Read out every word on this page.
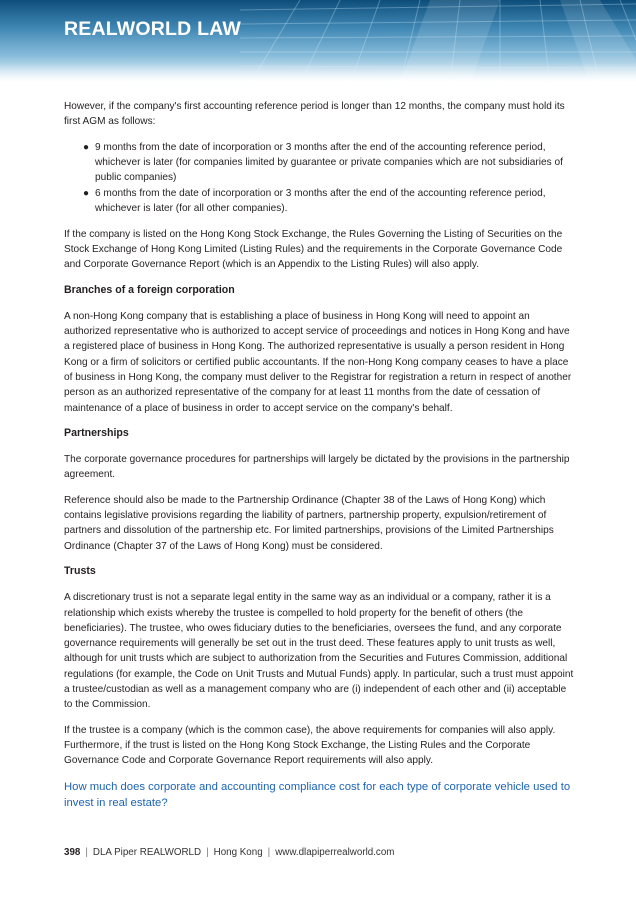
REALWORLD LAW

However, if the company's first accounting reference period is longer than 12 months, the company must hold its first AGM as follows:

● 9 months from the date of incorporation or 3 months after the end of the accounting reference period, whichever is later (for companies limited by guarantee or private companies which are not subsidiaries of public companies)
● 6 months from the date of incorporation or 3 months after the end of the accounting reference period, whichever is later (for all other companies).

If the company is listed on the Hong Kong Stock Exchange, the Rules Governing the Listing of Securities on the Stock Exchange of Hong Kong Limited (Listing Rules) and the requirements in the Corporate Governance Code and Corporate Governance Report (which is an Appendix to the Listing Rules) will also apply.

Branches of a foreign corporation

A non-Hong Kong company that is establishing a place of business in Hong Kong will need to appoint an authorized representative who is authorized to accept service of proceedings and notices in Hong Kong and have a registered place of business in Hong Kong. The authorized representative is usually a person resident in Hong Kong or a firm of solicitors or certified public accountants. If the non-Hong Kong company ceases to have a place of business in Hong Kong, the company must deliver to the Registrar for registration a return in respect of another person as an authorized representative of the company for at least 11 months from the date of cessation of maintenance of a place of business in order to accept service on the company's behalf.

Partnerships

The corporate governance procedures for partnerships will largely be dictated by the provisions in the partnership agreement.

Reference should also be made to the Partnership Ordinance (Chapter 38 of the Laws of Hong Kong) which contains legislative provisions regarding the liability of partners, partnership property, expulsion/retirement of partners and dissolution of the partnership etc. For limited partnerships, provisions of the Limited Partnerships Ordinance (Chapter 37 of the Laws of Hong Kong) must be considered.

Trusts

A discretionary trust is not a separate legal entity in the same way as an individual or a company, rather it is a relationship which exists whereby the trustee is compelled to hold property for the benefit of others (the beneficiaries). The trustee, who owes fiduciary duties to the beneficiaries, oversees the fund, and any corporate governance requirements will generally be set out in the trust deed. These features apply to unit trusts as well, although for unit trusts which are subject to authorization from the Securities and Futures Commission, additional regulations (for example, the Code on Unit Trusts and Mutual Funds) apply. In particular, such a trust must appoint a trustee/custodian as well as a management company who are (i) independent of each other and (ii) acceptable to the Commission.

If the trustee is a company (which is the common case), the above requirements for companies will also apply. Furthermore, if the trust is listed on the Hong Kong Stock Exchange, the Listing Rules and the Corporate Governance Code and Corporate Governance Report requirements will also apply.

How much does corporate and accounting compliance cost for each type of corporate vehicle used to invest in real estate?

398 | DLA Piper REALWORLD | Hong Kong | www.dlapiperrealworld.com
